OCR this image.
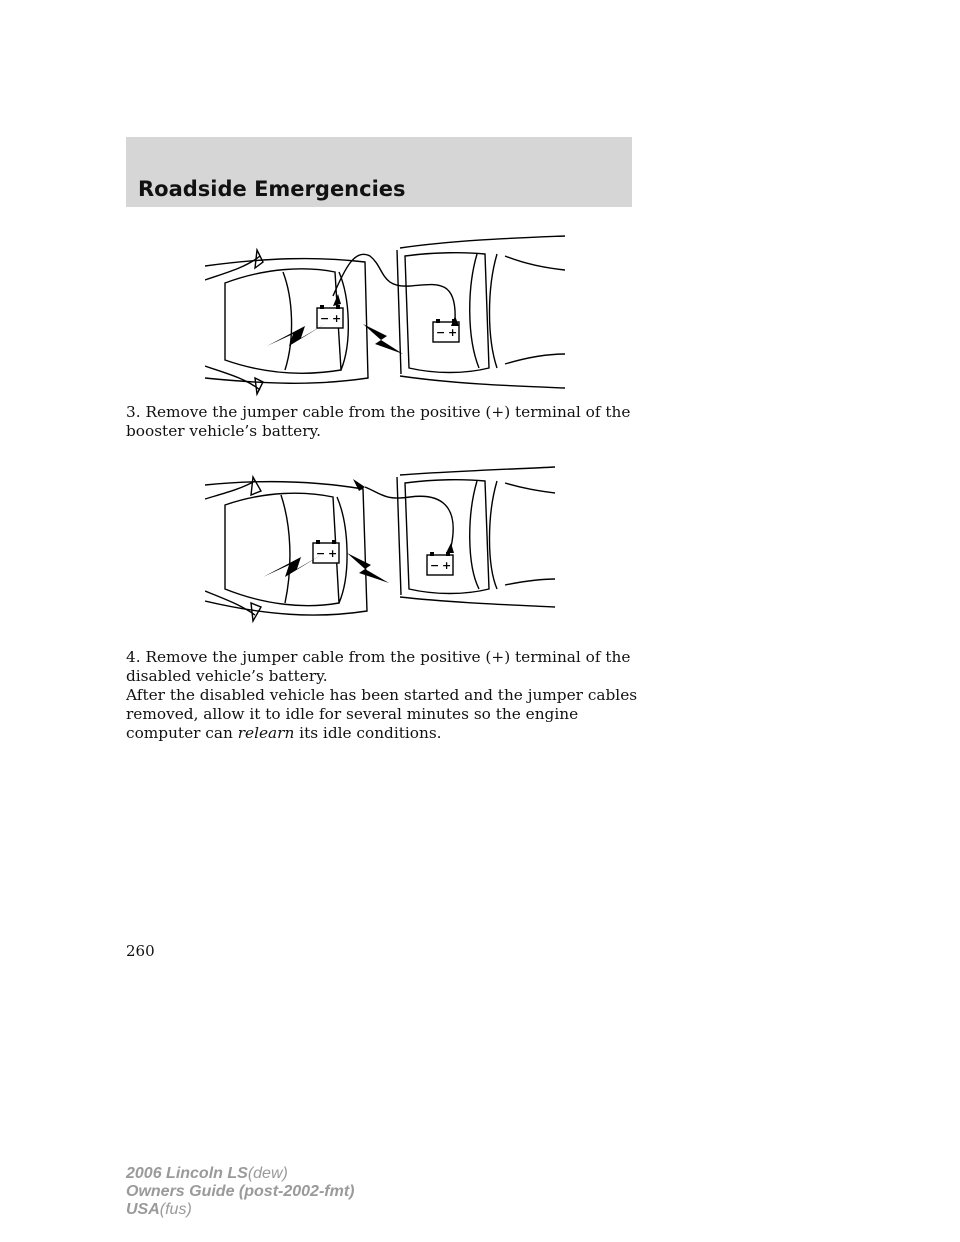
Roadside Emergencies
− +
− +

3. Remove the jumper cable from the positive (+) terminal of the booster vehicle’s battery.

− +
− +

4. Remove the jumper cable from the positive (+) terminal of the disabled vehicle’s battery.

After the disabled vehicle has been started and the jumper cables removed, allow it to idle for several minutes so the engine computer can relearn its idle conditions.

260
2006 Lincoln LS(dew)
Owners Guide (post-2002-fmt)
USA(fus)
